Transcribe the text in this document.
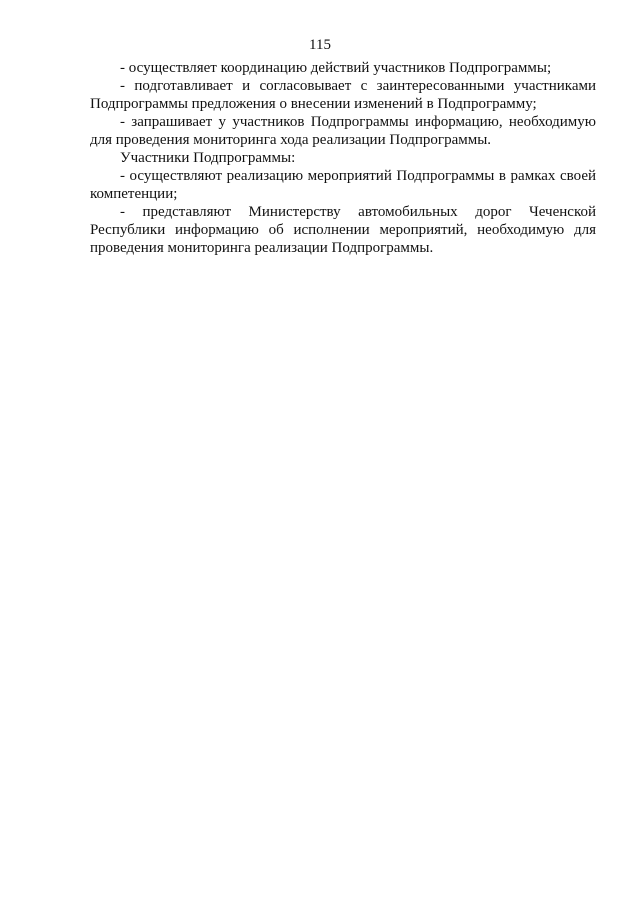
115

- осуществляет координацию действий участников Подпрограммы;

- подготавливает и согласовывает с заинтересованными участниками Подпрограммы предложения о внесении изменений в Подпрограмму;

- запрашивает у участников Подпрограммы информацию, необходимую для проведения мониторинга хода реализации Подпрограммы.

Участники Подпрограммы:

- осуществляют реализацию мероприятий Подпрограммы в рамках своей компетенции;

- представляют Министерству автомобильных дорог Чеченской Республики информацию об исполнении мероприятий, необходимую для проведения мониторинга реализации Подпрограммы.
